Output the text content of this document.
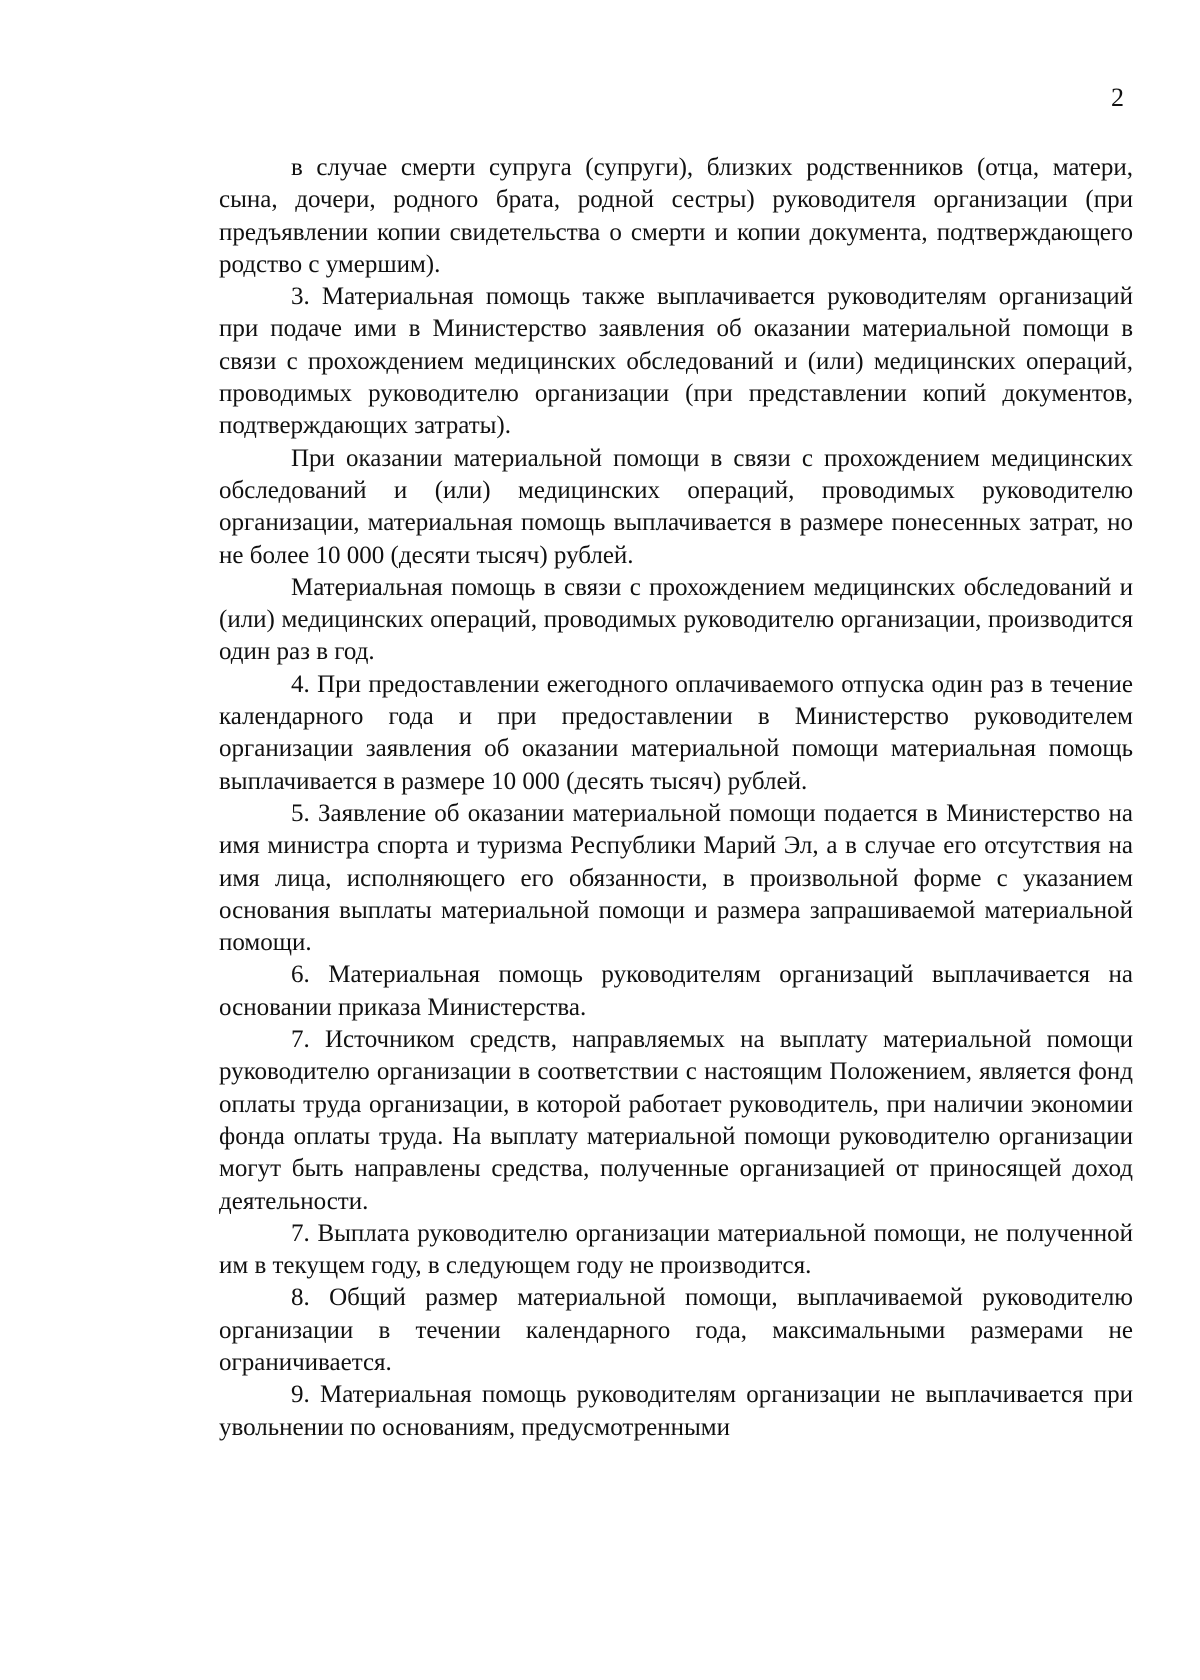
2

в случае смерти супруга (супруги), близких родственников (отца, матери, сына, дочери, родного брата, родной сестры) руководителя организации (при предъявлении копии свидетельства о смерти и копии документа, подтверждающего родство с умершим).

3. Материальная помощь также выплачивается руководителям организаций при подаче ими в Министерство заявления об оказании материальной помощи в связи с прохождением медицинских обследований и (или) медицинских операций, проводимых руководителю организации (при представлении копий документов, подтверждающих затраты).

При оказании материальной помощи в связи с прохождением медицинских обследований и (или) медицинских операций, проводимых руководителю организации, материальная помощь выплачивается в размере понесенных затрат, но не более 10 000 (десяти тысяч) рублей.

Материальная помощь в связи с прохождением медицинских обследований и (или) медицинских операций, проводимых руководителю организации, производится один раз в год.

4. При предоставлении ежегодного оплачиваемого отпуска один раз в течение календарного года и при предоставлении в Министерство руководителем организации заявления об оказании материальной помощи материальная помощь выплачивается в размере 10 000 (десять тысяч) рублей.

5. Заявление об оказании материальной помощи подается в Министерство на имя министра спорта и туризма Республики Марий Эл, а в случае его отсутствия на имя лица, исполняющего его обязанности, в произвольной форме с указанием основания выплаты материальной помощи и размера запрашиваемой материальной помощи.

6. Материальная помощь руководителям организаций выплачивается на основании приказа Министерства.

7. Источником средств, направляемых на выплату материальной помощи руководителю организации в соответствии с настоящим Положением, является фонд оплаты труда организации, в которой работает руководитель, при наличии экономии фонда оплаты труда. На выплату материальной помощи руководителю организации могут быть направлены средства, полученные организацией от приносящей доход деятельности.

7. Выплата руководителю организации материальной помощи, не полученной им в текущем году, в следующем году не производится.

8. Общий размер материальной помощи, выплачиваемой руководителю организации в течении календарного года, максимальными размерами не ограничивается.

9. Материальная помощь руководителям организации не выплачивается при увольнении по основаниям, предусмотренными
